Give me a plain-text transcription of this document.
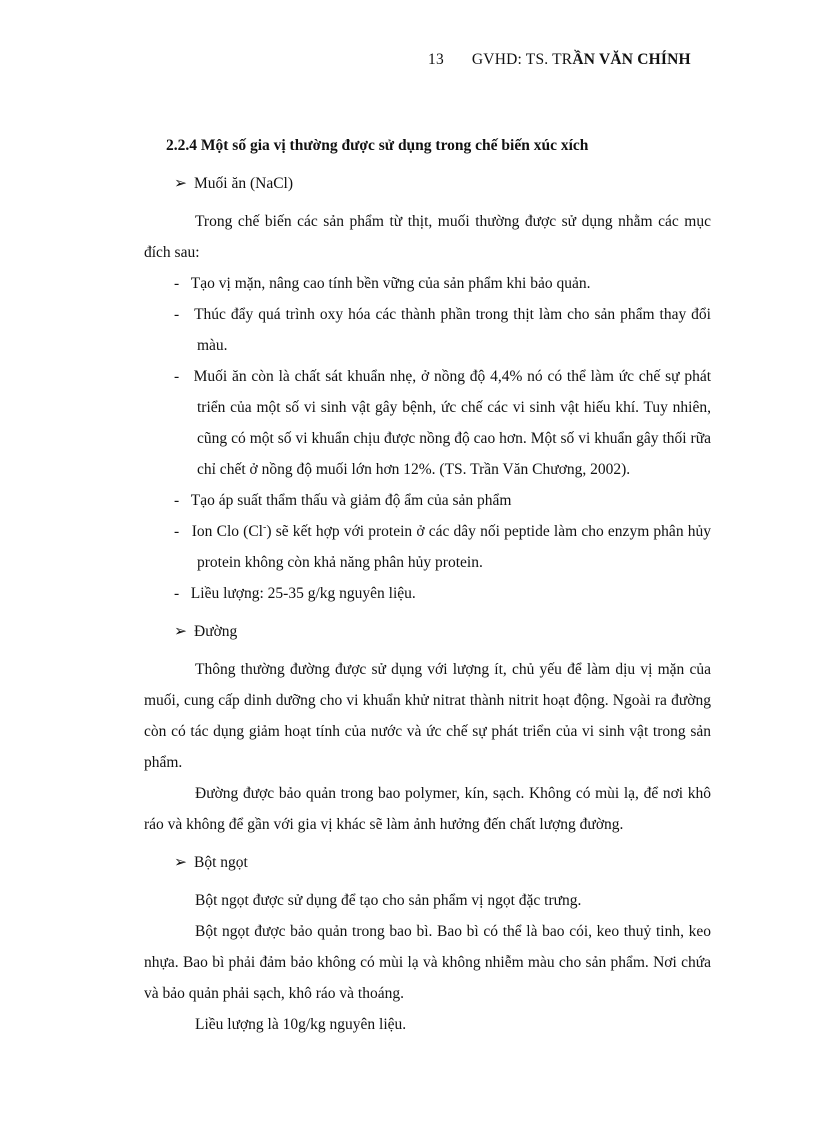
13 GVHD: TS. TRẦN VĂN CHÍNH

2.2.4 Một số gia vị thường được sử dụng trong chế biến xúc xích

➢ Muối ăn (NaCl)

Trong chế biến các sản phẩm từ thịt, muối thường được sử dụng nhằm các mục đích sau:

- Tạo vị mặn, nâng cao tính bền vững của sản phẩm khi bảo quản.

- Thúc đẩy quá trình oxy hóa các thành phần trong thịt làm cho sản phẩm thay đổi màu.

- Muối ăn còn là chất sát khuẩn nhẹ, ở nồng độ 4,4% nó có thể làm ức chế sự phát triển của một số vi sinh vật gây bệnh, ức chế các vi sinh vật hiếu khí. Tuy nhiên, cũng có một số vi khuẩn chịu được nồng độ cao hơn. Một số vi khuẩn gây thối rữa chỉ chết ở nồng độ muối lớn hơn 12%. (TS. Trần Văn Chương, 2002).

- Tạo áp suất thẩm thấu và giảm độ ẩm của sản phẩm

- Ion Clo (Cl-) sẽ kết hợp với protein ở các dây nối peptide làm cho enzym phân hủy protein không còn khả năng phân hủy protein.

- Liều lượng: 25-35 g/kg nguyên liệu.

➢ Đường

Thông thường đường được sử dụng với lượng ít, chủ yếu để làm dịu vị mặn của muối, cung cấp dinh dưỡng cho vi khuẩn khử nitrat thành nitrit hoạt động. Ngoài ra đường còn có tác dụng giảm hoạt tính của nước và ức chế sự phát triển của vi sinh vật trong sản phẩm.

Đường được bảo quản trong bao polymer, kín, sạch. Không có mùi lạ, để nơi khô ráo và không để gần với gia vị khác sẽ làm ảnh hưởng đến chất lượng đường.

➢ Bột ngọt

Bột ngọt được sử dụng để tạo cho sản phẩm vị ngọt đặc trưng.

Bột ngọt được bảo quản trong bao bì. Bao bì có thể là bao cói, keo thuỷ tinh, keo nhựa. Bao bì phải đảm bảo không có mùi lạ và không nhiễm màu cho sản phẩm. Nơi chứa và bảo quản phải sạch, khô ráo và thoáng.

Liều lượng là 10g/kg nguyên liệu.
